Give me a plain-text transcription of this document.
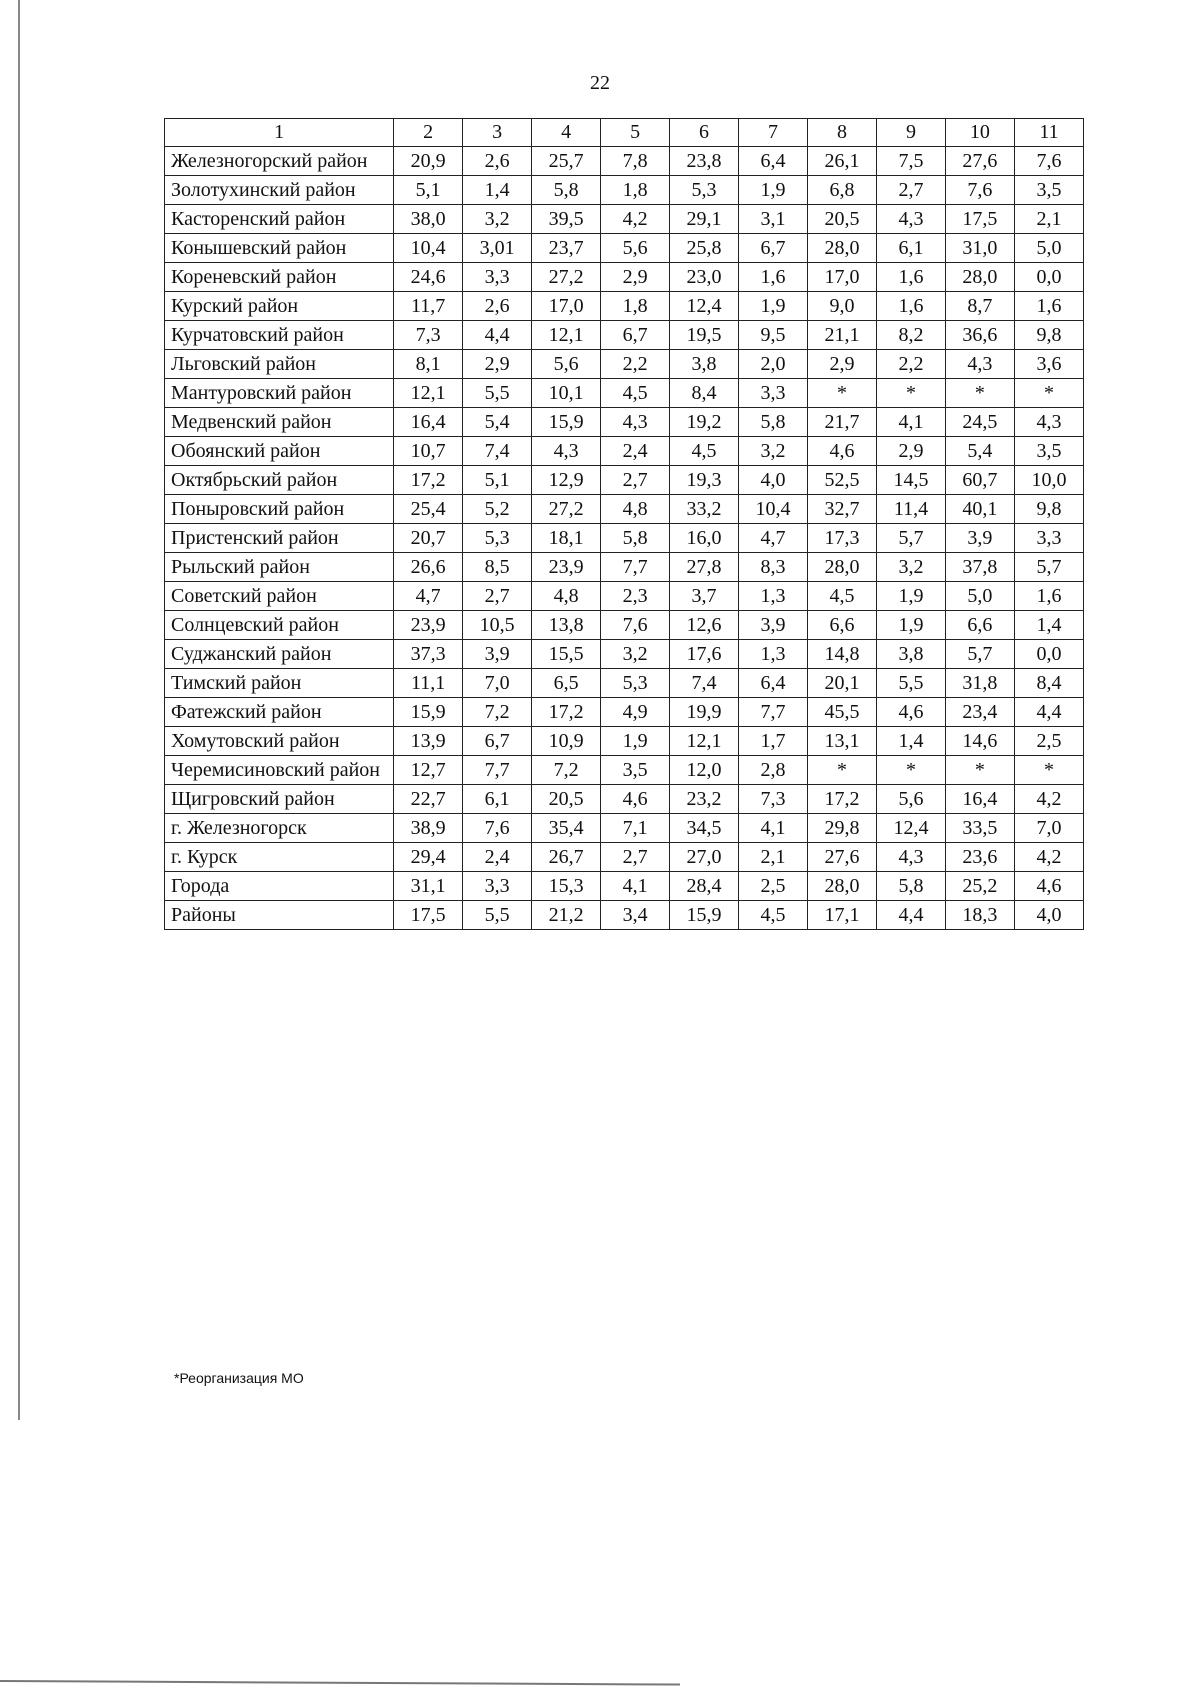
22
1	2	3	4	5	6	7	8	9	10	11
Железногорский район	20,9	2,6	25,7	7,8	23,8	6,4	26,1	7,5	27,6	7,6
Золотухинский район	5,1	1,4	5,8	1,8	5,3	1,9	6,8	2,7	7,6	3,5
Касторенский район	38,0	3,2	39,5	4,2	29,1	3,1	20,5	4,3	17,5	2,1
Конышевский район	10,4	3,01	23,7	5,6	25,8	6,7	28,0	6,1	31,0	5,0
Кореневский район	24,6	3,3	27,2	2,9	23,0	1,6	17,0	1,6	28,0	0,0
Курский район	11,7	2,6	17,0	1,8	12,4	1,9	9,0	1,6	8,7	1,6
Курчатовский район	7,3	4,4	12,1	6,7	19,5	9,5	21,1	8,2	36,6	9,8
Льговский район	8,1	2,9	5,6	2,2	3,8	2,0	2,9	2,2	4,3	3,6
Мантуровский район	12,1	5,5	10,1	4,5	8,4	3,3	*	*	*	*
Медвенский район	16,4	5,4	15,9	4,3	19,2	5,8	21,7	4,1	24,5	4,3
Обоянский район	10,7	7,4	4,3	2,4	4,5	3,2	4,6	2,9	5,4	3,5
Октябрьский район	17,2	5,1	12,9	2,7	19,3	4,0	52,5	14,5	60,7	10,0
Поныровский район	25,4	5,2	27,2	4,8	33,2	10,4	32,7	11,4	40,1	9,8
Пристенский район	20,7	5,3	18,1	5,8	16,0	4,7	17,3	5,7	3,9	3,3
Рыльский район	26,6	8,5	23,9	7,7	27,8	8,3	28,0	3,2	37,8	5,7
Советский район	4,7	2,7	4,8	2,3	3,7	1,3	4,5	1,9	5,0	1,6
Солнцевский район	23,9	10,5	13,8	7,6	12,6	3,9	6,6	1,9	6,6	1,4
Суджанский район	37,3	3,9	15,5	3,2	17,6	1,3	14,8	3,8	5,7	0,0
Тимский район	11,1	7,0	6,5	5,3	7,4	6,4	20,1	5,5	31,8	8,4
Фатежский район	15,9	7,2	17,2	4,9	19,9	7,7	45,5	4,6	23,4	4,4
Хомутовский район	13,9	6,7	10,9	1,9	12,1	1,7	13,1	1,4	14,6	2,5
Черемисиновский район	12,7	7,7	7,2	3,5	12,0	2,8	*	*	*	*
Щигровский район	22,7	6,1	20,5	4,6	23,2	7,3	17,2	5,6	16,4	4,2
г. Железногорск	38,9	7,6	35,4	7,1	34,5	4,1	29,8	12,4	33,5	7,0
г. Курск	29,4	2,4	26,7	2,7	27,0	2,1	27,6	4,3	23,6	4,2
Города	31,1	3,3	15,3	4,1	28,4	2,5	28,0	5,8	25,2	4,6
Районы	17,5	5,5	21,2	3,4	15,9	4,5	17,1	4,4	18,3	4,0
*Реорганизация МО
